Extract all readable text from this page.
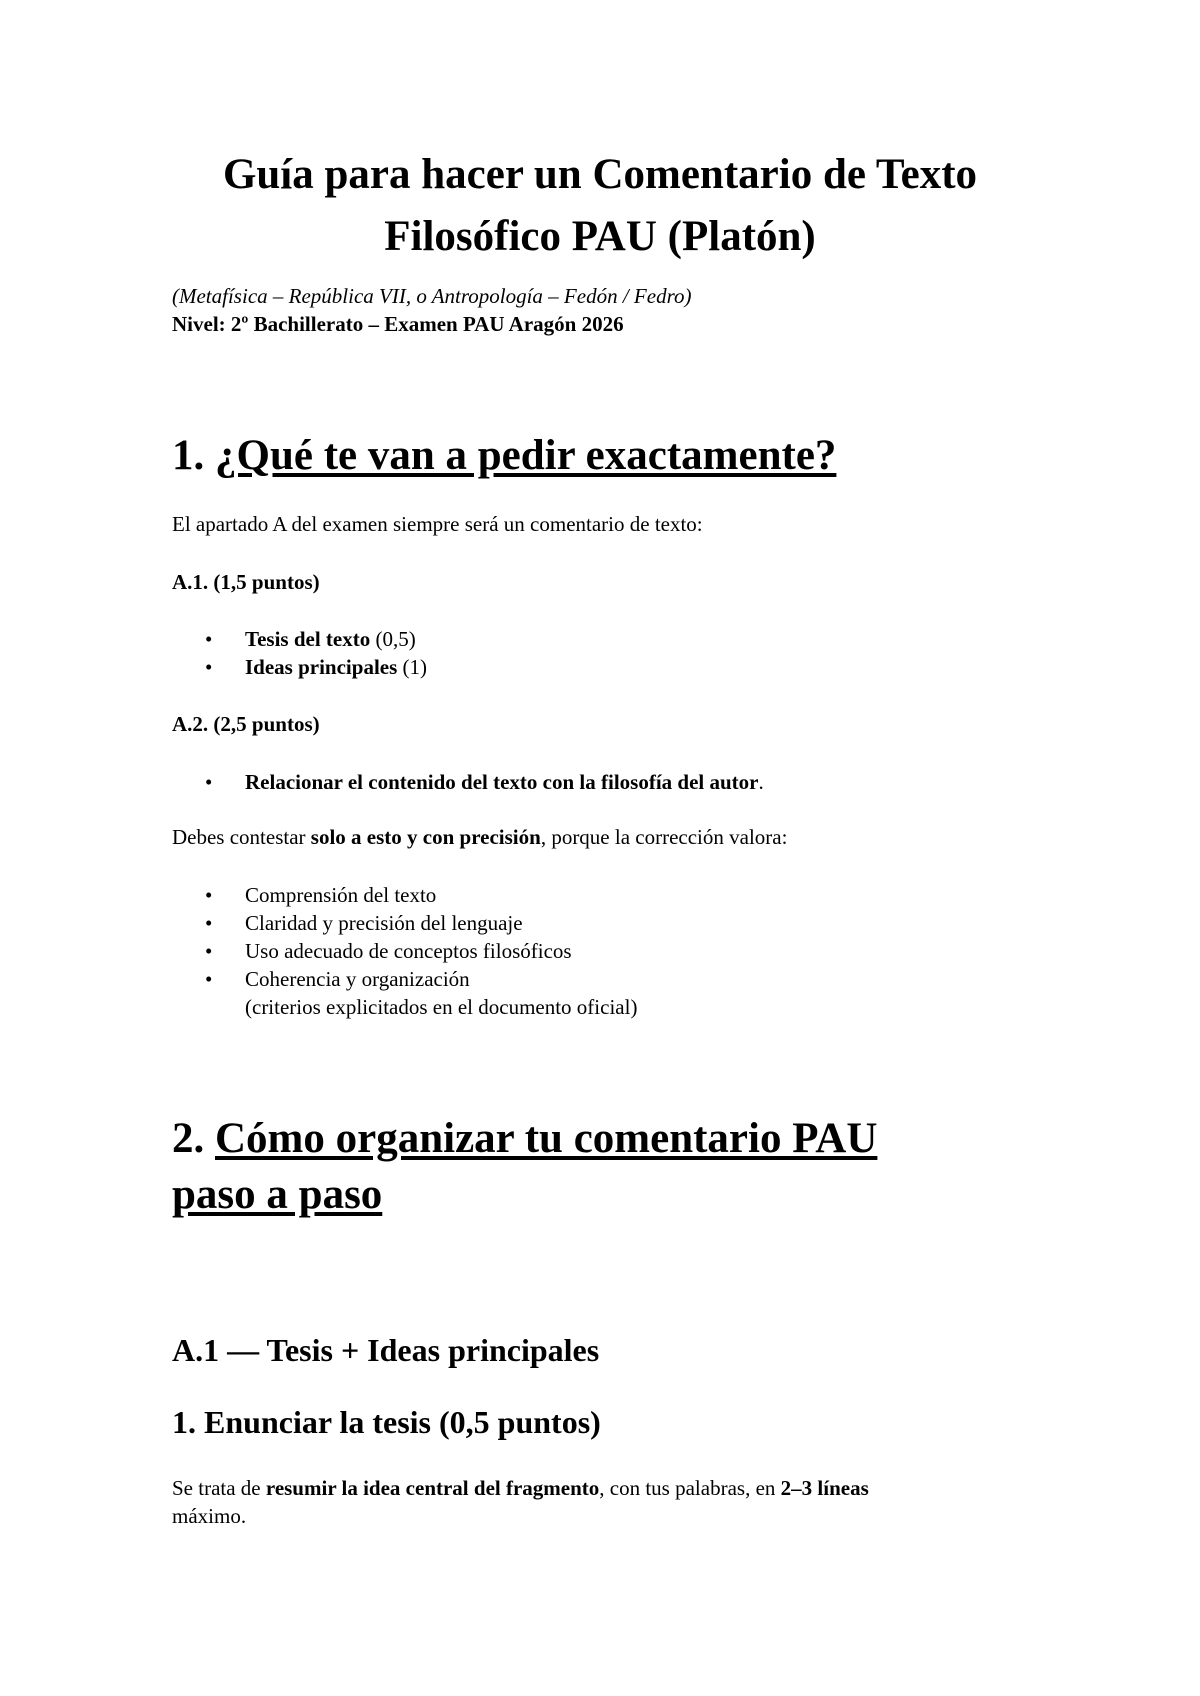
Guía para hacer un Comentario de Texto
Filosófico PAU (Platón)

(Metafísica – República VII, o Antropología – Fedón / Fedro)

Nivel: 2º Bachillerato – Examen PAU Aragón 2026

1. ¿Qué te van a pedir exactamente?

El apartado A del examen siempre será un comentario de texto:

A.1. (1,5 puntos)

• Tesis del texto (0,5)
• Ideas principales (1)

A.2. (2,5 puntos)

• Relacionar el contenido del texto con la filosofía del autor.

Debes contestar solo a esto y con precisión, porque la corrección valora:

• Comprensión del texto
• Claridad y precisión del lenguaje
• Uso adecuado de conceptos filosóficos
• Coherencia y organización
(criterios explicitados en el documento oficial)
2. Cómo organizar tu comentario PAU
paso a paso
A.1 — Tesis + Ideas principales
1. Enunciar la tesis (0,5 puntos)

Se trata de resumir la idea central del fragmento, con tus palabras, en 2–3 líneas
máximo.
